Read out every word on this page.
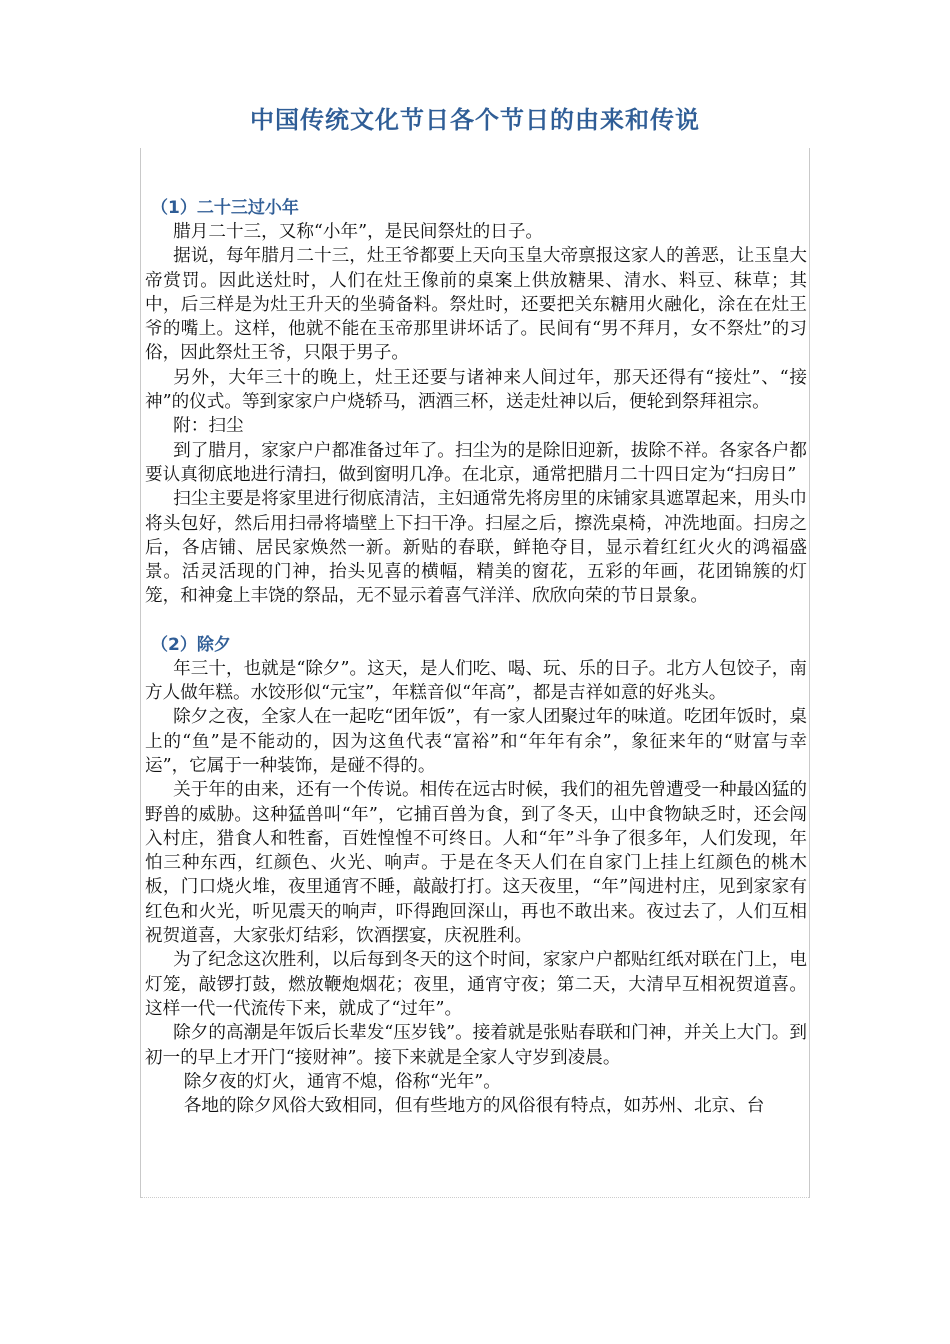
中国传统文化节日各个节日的由来和传说
（1）二十三过小年

腊月二十三，又称“小年”，是民间祭灶的日子。

据说，每年腊月二十三，灶王爷都要上天向玉皇大帝禀报这家人的善恶，让玉皇大帝赏罚。因此送灶时，人们在灶王像前的桌案上供放糖果、清水、料豆、秣草；其中，后三样是为灶王升天的坐骑备料。祭灶时，还要把关东糖用火融化，涂在在灶王爷的嘴上。这样，他就不能在玉帝那里讲坏话了。民间有“男不拜月，女不祭灶”的习俗，因此祭灶王爷，只限于男子。

另外，大年三十的晚上，灶王还要与诸神来人间过年，那天还得有“接灶”、“接神”的仪式。等到家家户户烧轿马，洒酒三杯，送走灶神以后，便轮到祭拜祖宗。

附：扫尘

到了腊月，家家户户都准备过年了。扫尘为的是除旧迎新，拔除不祥。各家各户都要认真彻底地进行清扫，做到窗明几净。在北京，通常把腊月二十四日定为“扫房日”

扫尘主要是将家里进行彻底清洁，主妇通常先将房里的床铺家具遮罩起来，用头巾将头包好，然后用扫帚将墙壁上下扫干净。扫屋之后，擦洗桌椅，冲洗地面。扫房之后，各店铺、居民家焕然一新。新贴的春联，鲜艳夺目，显示着红红火火的鸿福盛景。活灵活现的门神，抬头见喜的横幅，精美的窗花，五彩的年画，花团锦簇的灯笼，和神龛上丰饶的祭品，无不显示着喜气洋洋、欣欣向荣的节日景象。

（2）除夕

年三十，也就是“除夕”。这天，是人们吃、喝、玩、乐的日子。北方人包饺子，南方人做年糕。水饺形似“元宝”，年糕音似“年高”，都是吉祥如意的好兆头。

除夕之夜，全家人在一起吃“团年饭”，有一家人团聚过年的味道。吃团年饭时，桌上的“鱼”是不能动的，因为这鱼代表“富裕”和“年年有余”，象征来年的“财富与幸运”，它属于一种装饰，是碰不得的。

关于年的由来，还有一个传说。相传在远古时候，我们的祖先曾遭受一种最凶猛的野兽的威胁。这种猛兽叫“年”，它捕百兽为食，到了冬天，山中食物缺乏时，还会闯入村庄，猎食人和牲畜，百姓惶惶不可终日。人和“年”斗争了很多年，人们发现，年怕三种东西，红颜色、火光、响声。于是在冬天人们在自家门上挂上红颜色的桃木板，门口烧火堆，夜里通宵不睡，敲敲打打。这天夜里，“年”闯进村庄，见到家家有红色和火光，听见震天的响声，吓得跑回深山，再也不敢出来。夜过去了，人们互相祝贺道喜，大家张灯结彩，饮酒摆宴，庆祝胜利。

为了纪念这次胜利，以后每到冬天的这个时间，家家户户都贴红纸对联在门上，电灯笼，敲锣打鼓，燃放鞭炮烟花；夜里，通宵守夜；第二天，大清早互相祝贺道喜。这样一代一代流传下来，就成了“过年”。

除夕的高潮是年饭后长辈发“压岁钱”。接着就是张贴春联和门神，并关上大门。到初一的早上才开门“接财神”。接下来就是全家人守岁到凌晨。

除夕夜的灯火，通宵不熄，俗称“光年”。

各地的除夕风俗大致相同，但有些地方的风俗很有特点，如苏州、北京、台
